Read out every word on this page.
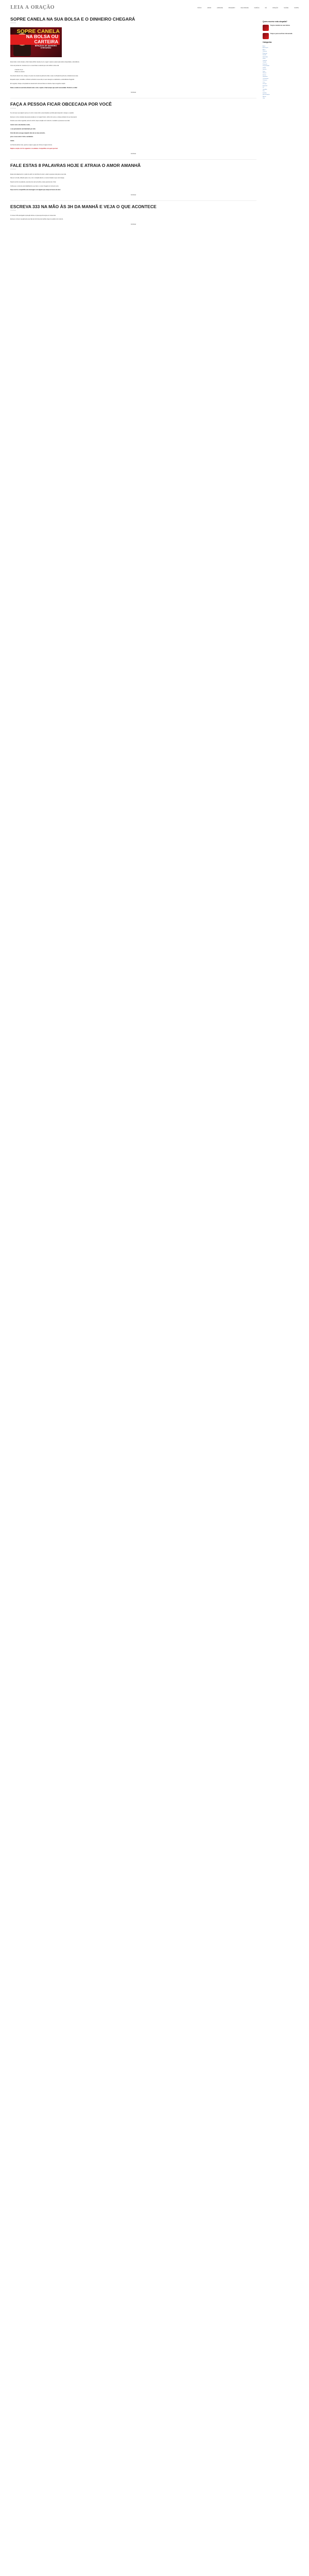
LEIA A ORAÇÃO	INÍCIO	AMOR	AMIZADE	DINHEIRO	FELICIDADE	FAMÍLIA	FÉ	ORAÇÃO	SAÚDE	SORTE
SOPRE CANELA NA SUA BOLSA E O DINHEIRO CHEGARÁ
17/11/2024
SOPRE CANELA
NA BOLSA OU CARTEIRA
BÊNÇÃOS DE DINHEIRO CHEGARÃO

Essa ritual é muito simples e fácil, basta utilizar canela em pó e seguir o passo a passo para atrair prosperidade e abundância.

Você vai precisar de: canela em pó e a sua bolsa ou carteira que você utiliza no dia a dia.

• Canela em pó
• Bolsa ou carteira

No primeiro dia do mês, coloque um pouco de canela na palma da mão e sopre na direção da porta de entrada da sua casa.

Enquanto sopra, mentalize o dinheiro entrando na sua vida, os seus desejos se realizando e a abundância chegando.

Em seguida, coloque uma pitada de canela dentro da sua bolsa ou carteira e faça a seguinte oração:

Deixe a canela na sua bolsa durante todo o mês e repita o ritual sempre que sentir necessidade. Tenha fé e confie!

Continuar
FAÇA A PESSOA FICAR OBCECADA POR VOCÊ
17/11/2024

Se você quer que alguém pense em você o tempo todo, essa simpatia é perfeita para despertar o desejo e a paixão.

Escreva o nome completo da pessoa amada em um papel branco, dobre três vezes e coloque debaixo do seu travesseiro.

Durante sete noites seguidas, antes de dormir, faça a oração com muita fé e mentalize a pessoa ao seu lado.

Assim como a lua ilumina a noite,

o seu pensamento será iluminado por mim.

Você não terá sossego enquanto não vier ao meu encontro,

pois o nosso amor é forte e verdadeiro.

Amém.

Ao final da sétima noite, queime o papel e jogue as cinzas em água corrente.

Repita a oração com fé e aguarde os resultados. Compartilhe com quem precisa!

Continuar
FALE ESTAS 8 PALAVRAS HOJE E ATRAIA O AMOR AMANHÃ
17/11/2024

Essas oito palavras têm o poder de abrir os caminhos do amor e atrair a pessoa certa para a sua vida.

Fale em voz alta, olhando para o céu, com o coração aberto e a mente focada no que você deseja.

Depois de dizer as palavras, acenda uma vela vermelha e deixe queimar até o final.

Confie que o universo está trabalhando a seu favor e o amor chegará no momento certo.

Faça com fé e compartilhe esta mensagem com alguém que esteja em busca do amor.

Continuar
ESCREVA 333 NA MÃO ÀS 3H DA MANHÃ E VEJA O QUE ACONTECE
17/11/2024

O número 333 está ligado à proteção divina e à presença dos anjos em nossa vida.

Escreva o número na palma da sua mão às três horas da manhã e faça um pedido com muita fé.

Continuar
Quem escreve esta simpatia?
Sopre canela na sua bolsa
Faça a pessoa ficar obcecada
Categorias
Amor
Amarração
Anjos
Dinheiro
Emprego
Família
Felicidade
Filhos
Limpeza
Oração
Proteção
Prosperidade
Saúde
Sonhos
Sorte
Salmos
Santos
Simpatias
Casamento
Crianças
Cura
Desejos
Espiritual
Fé
Gratidão
Paz
Pedidos
Reconciliação
Rituais
Vela
